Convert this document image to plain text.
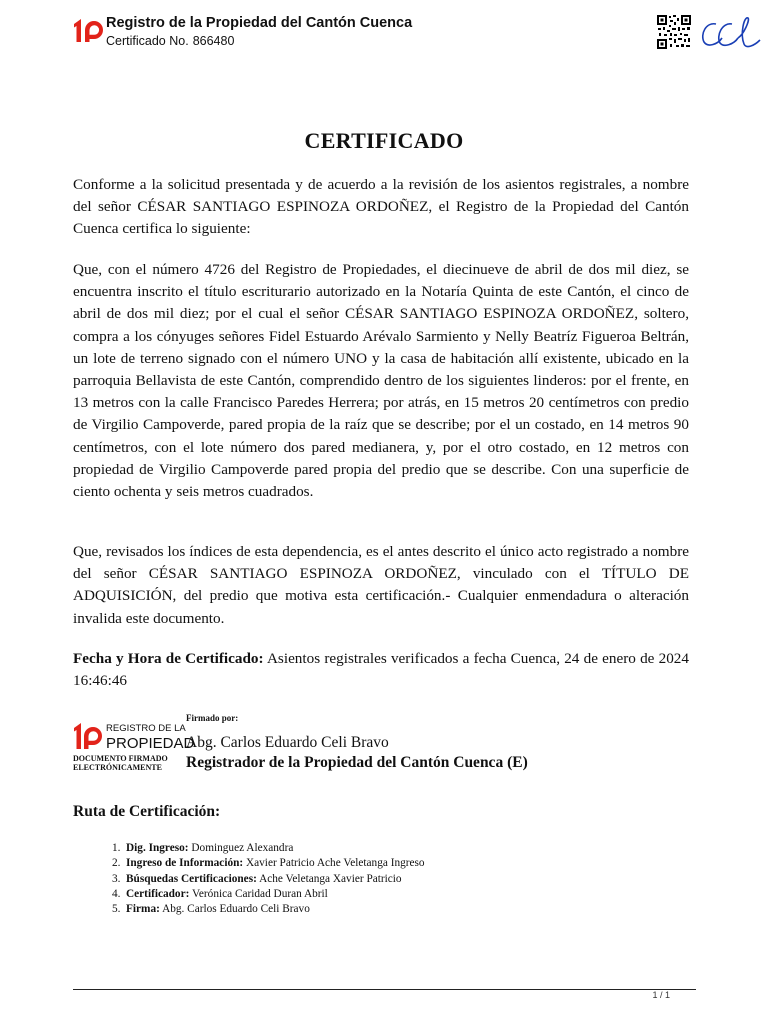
Registro de la Propiedad del Cantón Cuenca
Certificado No. 866480
CERTIFICADO
Conforme a la solicitud presentada y de acuerdo a la revisión de los asientos registrales, a nombre del señor CÉSAR SANTIAGO ESPINOZA ORDOÑEZ, el Registro de la Propiedad del Cantón Cuenca certifica lo siguiente:
Que, con el número 4726 del Registro de Propiedades, el diecinueve de abril de dos mil diez, se encuentra inscrito el título escriturario autorizado en la Notaría Quinta de este Cantón, el cinco de abril de dos mil diez; por el cual el señor CÉSAR SANTIAGO ESPINOZA ORDOÑEZ, soltero, compra a los cónyuges señores Fidel Estuardo Arévalo Sarmiento y Nelly Beatríz Figueroa Beltrán, un lote de terreno signado con el número UNO y la casa de habitación allí existente, ubicado en la parroquia Bellavista de este Cantón, comprendido dentro de los siguientes linderos: por el frente, en 13 metros con la calle Francisco Paredes Herrera; por atrás, en 15 metros 20 centímetros con predio de Virgilio Campoverde, pared propia de la raíz que se describe; por el un costado, en 14 metros 90 centímetros, con el lote número dos pared medianera, y, por el otro costado, en 12 metros con propiedad de Virgilio Campoverde pared propia del predio que se describe. Con una superficie de ciento ochenta y seis metros cuadrados.
Que, revisados los índices de esta dependencia, es el antes descrito el único acto registrado a nombre del señor CÉSAR SANTIAGO ESPINOZA ORDOÑEZ, vinculado con el TÍTULO DE ADQUISICIÓN, del predio que motiva esta certificación.- Cualquier enmendadura o alteración invalida este documento.
Fecha y Hora de Certificado: Asientos registrales verificados a fecha Cuenca, 24 de enero de 2024 16:46:46
REGISTRO DE LA
PROPIEDAD
DOCUMENTO FIRMADO ELECTRÓNICAMENTE
Firmado por:
Abg. Carlos Eduardo Celi Bravo
Registrador de la Propiedad del Cantón Cuenca (E)
Ruta de Certificación:
1. Dig. Ingreso: Dominguez Alexandra
2. Ingreso de Información: Xavier Patricio Ache Veletanga Ingreso
3. Búsquedas Certificaciones: Ache Veletanga Xavier Patricio
4. Certificador: Verónica Caridad Duran Abril
5. Firma: Abg. Carlos Eduardo Celi Bravo
1 / 1
